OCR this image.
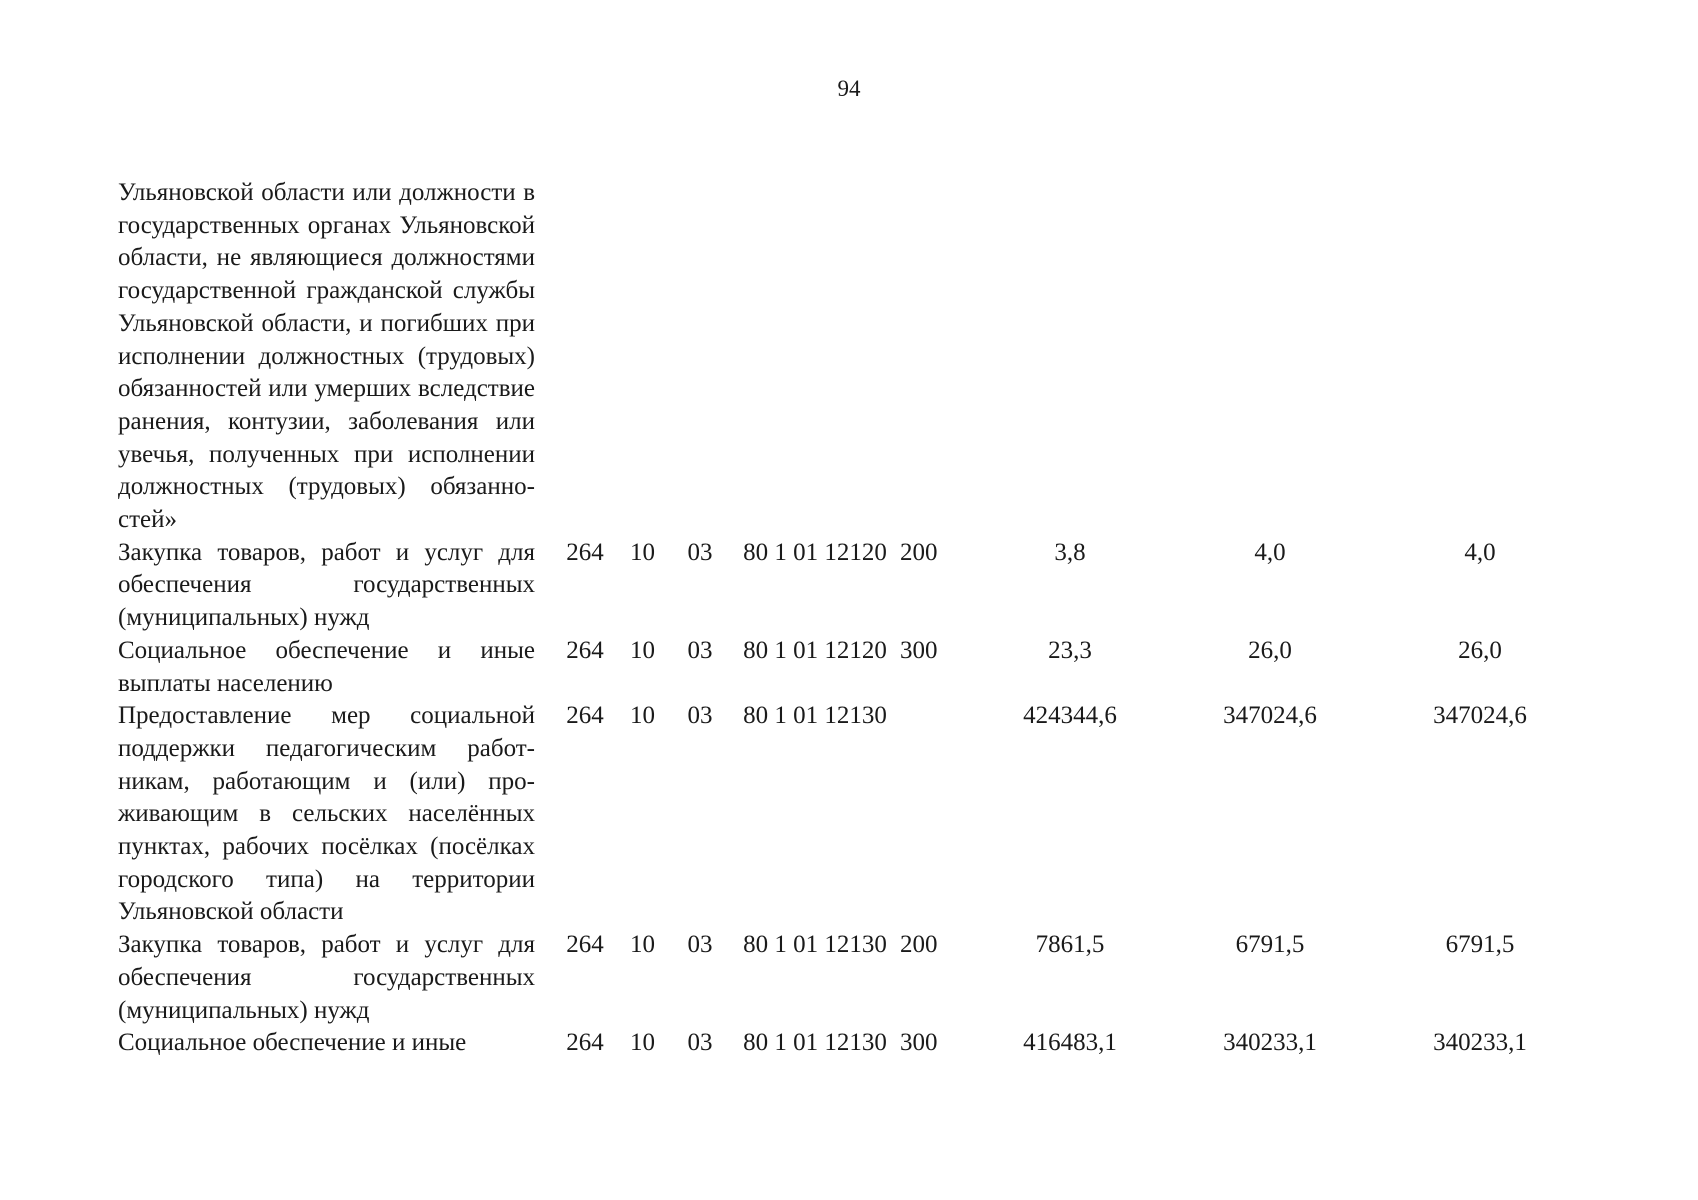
94
Ульяновской области или должности в государственных органах Ульяновской области, не являющиеся должностями государственной гражданской службы Ульяновской области, и погибших при исполнении должностных (трудовых) обязанностей или умерших вследствие ранения, контузии, заболевания или увечья, полученных при исполнении должностных (трудовых) обязанностей»									
Закупка товаров, работ и услуг для обеспечения государственных (муниципальных) нужд		264	10	03	80 1 01 12120	200	3,8	4,0	4,0
Социальное обеспечение и иные выплаты населению		264	10	03	80 1 01 12120	300	23,3	26,0	26,0
Предоставление мер социальной поддержки педагогическим работникам, работающим и (или) проживающим в сельских населённых пунктах, рабочих посёлках (посёлках городского типа) на территории Ульяновской области		264	10	03	80 1 01 12130		424344,6	347024,6	347024,6
Закупка товаров, работ и услуг для обеспечения государственных (муниципальных) нужд		264	10	03	80 1 01 12130	200	7861,5	6791,5	6791,5
Социальное обеспечение и иные		264	10	03	80 1 01 12130	300	416483,1	340233,1	340233,1
